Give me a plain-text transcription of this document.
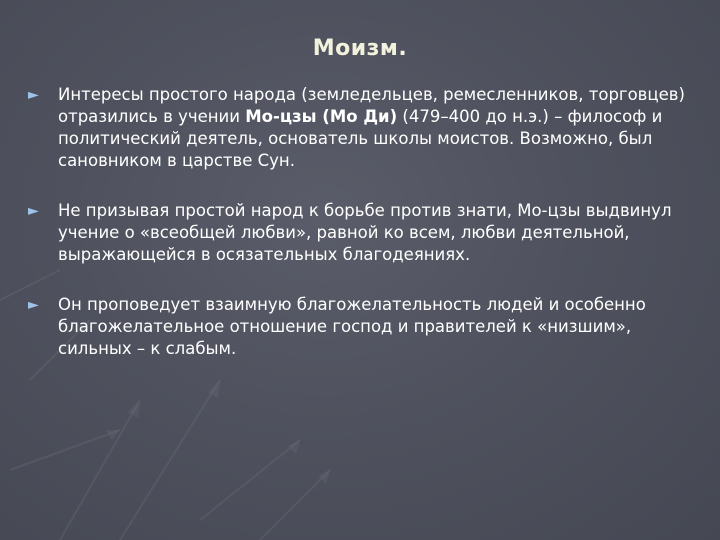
Моизм.
► Интересы простого народа (земледельцев, ремесленников, торговцев) отразились в учении Мо-цзы (Мо Ди) (479–400 до н.э.) – философ и политический деятель, основатель школы моистов. Возможно, был сановником в царстве Сун.
► Не призывая простой народ к борьбе против знати, Мо-цзы выдвинул учение о «всеобщей любви», равной ко всем, любви деятельной, выражающейся в осязательных благодеяниях.
► Он проповедует взаимную благожелательность людей и особенно благожелательное отношение господ и правителей к «низшим», сильных – к слабым.
